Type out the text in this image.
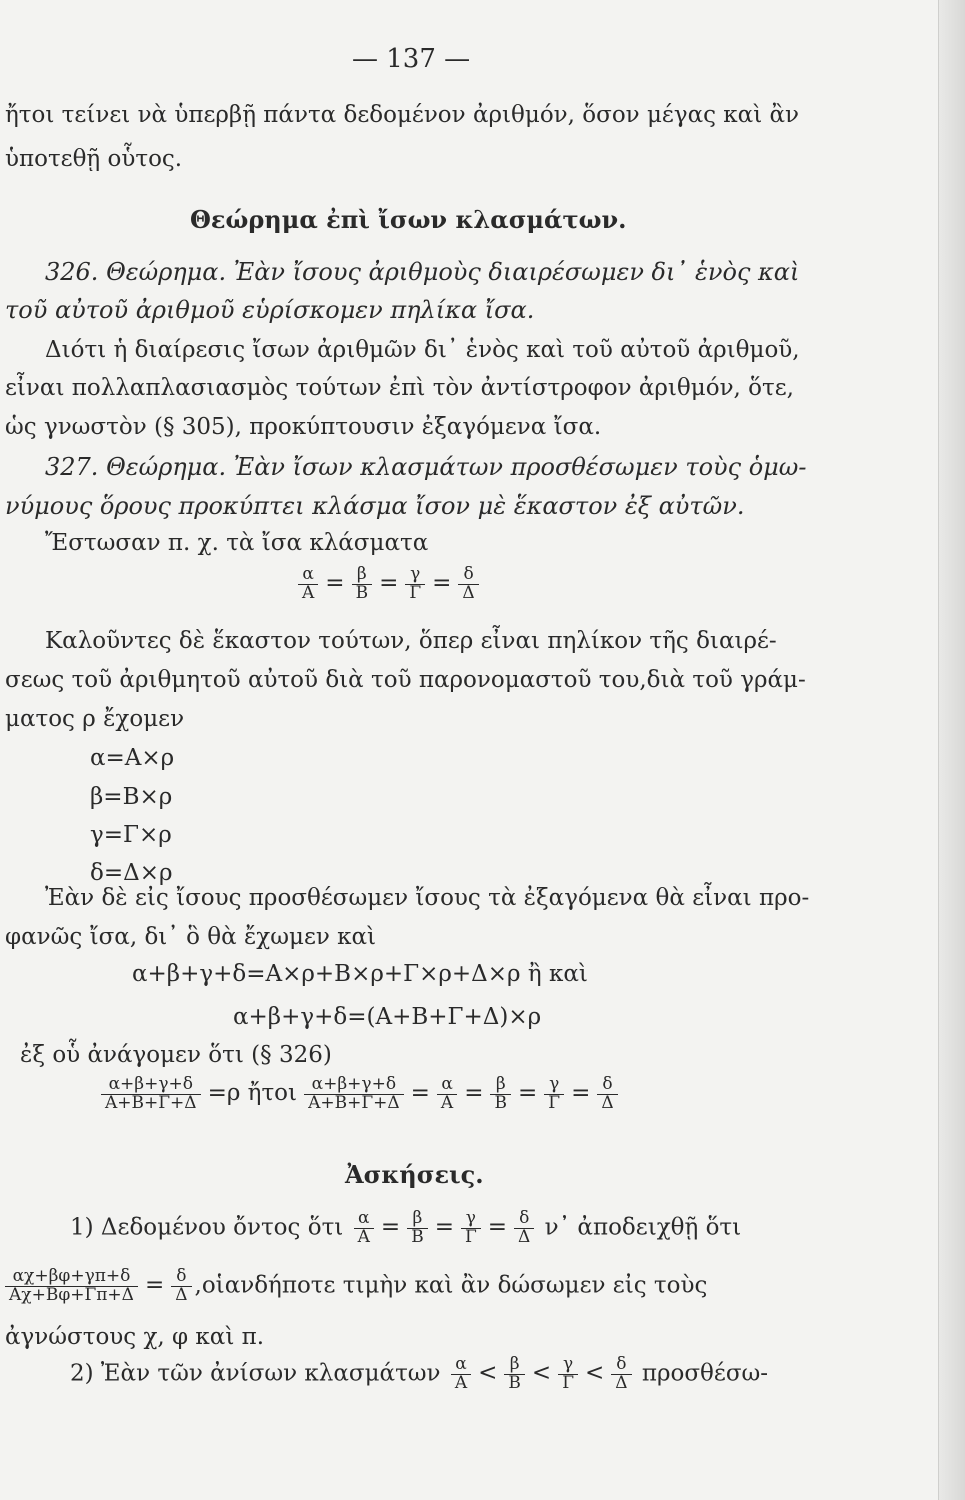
— 137 —
ἤτοι τείνει νὰ ὑπερβῇ πάντα δεδομένον ἀριθμόν, ὅσον μέγας καὶ ἂν
ὑποτεθῇ οὗτος.
Θεώρημα ἐπὶ ἴσων κλασμάτων.
326. Θεώρημα. Ἐὰν ἴσους ἀριθμοὺς διαιρέσωμεν δι᾽ ἑνὸς καὶ
τοῦ αὐτοῦ ἀριθμοῦ εὑρίσκομεν πηλίκα ἴσα.
Διότι ἡ διαίρεσις ἴσων ἀριθμῶν δι᾽ ἑνὸς καὶ τοῦ αὐτοῦ ἀριθμοῦ,
εἶναι πολλαπλασιασμὸς τούτων ἐπὶ τὸν ἀντίστροφον ἀριθμόν, ὅτε,
ὡς γνωστὸν (§ 305), προκύπτουσιν ἐξαγόμενα ἴσα.
327. Θεώρημα. Ἐὰν ἴσων κλασμάτων προσθέσωμεν τοὺς ὁμω-
νύμους ὅρους προκύπτει κλάσμα ἴσον μὲ ἕκαστον ἐξ αὐτῶν.
Ἔστωσαν π. χ. τὰ ἴσα κλάσματα
$\frac{\alpha}{A} = \frac{\beta}{B} = \frac{\gamma}{\Gamma} = \frac{\delta}{\Delta}$
Καλοῦντες δὲ ἕκαστον τούτων, ὅπερ εἶναι πηλίκον τῆς διαιρέ-
σεως τοῦ ἀριθμητοῦ αὐτοῦ διὰ τοῦ παρονομαστοῦ του,διὰ τοῦ γράμ-
ματος ρ ἔχομεν
α=Α×ρ
β=Β×ρ
γ=Γ×ρ
δ=Δ×ρ
Ἐὰν δὲ εἰς ἴσους προσθέσωμεν ἴσους τὰ ἐξαγόμενα θὰ εἶναι προ-
φανῶς ἴσα, δι᾽ ὃ θὰ ἔχωμεν καὶ
α+β+γ+δ=Α×ρ+Β×ρ+Γ×ρ+Δ×ρ ἢ καὶ
α+β+γ+δ=(Α+Β+Γ+Δ)×ρ
ἐξ οὗ ἀνάγομεν ὅτι (§ 326)
$\frac{\alpha+\beta+\gamma+\delta}{A+B+\Gamma+\Delta} =\rho$ ἤτοι $\frac{\alpha+\beta+\gamma+\delta}{A+B+\Gamma+\Delta} = \frac{\alpha}{A} = \frac{\beta}{B} = \frac{\gamma}{\Gamma} = \frac{\delta}{\Delta}$
Ἀσκήσεις.
1) Δεδομένου ὄντος ὅτι $\frac{\alpha}{A} = \frac{\beta}{B} = \frac{\gamma}{\Gamma} = \frac{\delta}{\Delta}$ ν᾽ ἀποδειχθῇ ὅτι
$\frac{\alpha\chi+\beta\varphi+\gamma\pi+\delta}{A\chi+B\varphi+\Gamma\pi+\Delta} = \frac{\delta}{\Delta}$ ,οἱανδήποτε τιμὴν καὶ ἂν δώσωμεν εἰς τοὺς
ἀγνώστους χ, φ καὶ π.
2) Ἐὰν τῶν ἀνίσων κλασμάτων $\frac{\alpha}{A} < \frac{\beta}{B} < \frac{\gamma}{\Gamma} < \frac{\delta}{\Delta} \pi\rho o\sigma\theta έ\sigma\omega-$
